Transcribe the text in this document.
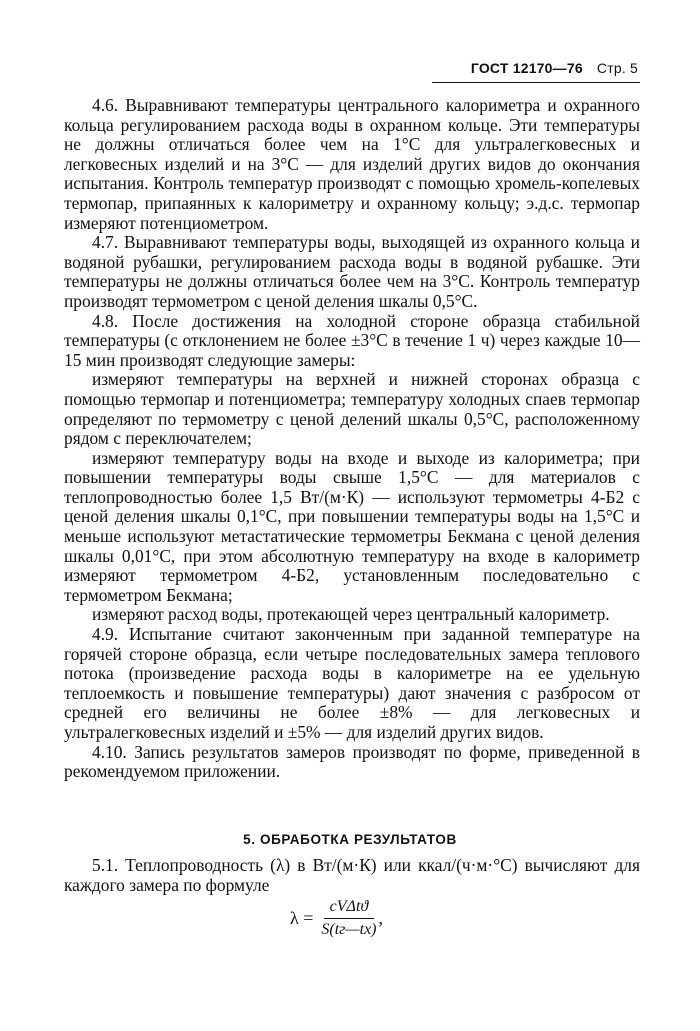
ГОСТ 12170—76 Стр. 5

4.6. Выравнивают температуры центрального калориметра и охранного кольца регулированием расхода воды в охранном кольце. Эти температуры не должны отличаться более чем на 1°С для ультралегковесных и легковесных изделий и на 3°С — для изделий других видов до окончания испытания. Контроль температур производят с помощью хромель-копелевых термопар, припаянных к калориметру и охранному кольцу; э.д.с. термопар измеряют потенциометром.

4.7. Выравнивают температуры воды, выходящей из охранного кольца и водяной рубашки, регулированием расхода воды в водяной рубашке. Эти температуры не должны отличаться более чем на 3°С. Контроль температур производят термометром с ценой деления шкалы 0,5°С.

4.8. После достижения на холодной стороне образца стабильной температуры (с отклонением не более ±3°С в течение 1 ч) через каждые 10—15 мин производят следующие замеры:

измеряют температуры на верхней и нижней сторонах образца с помощью термопар и потенциометра; температуру холодных спаев термопар определяют по термометру с ценой делений шкалы 0,5°С, расположенному рядом с переключателем;

измеряют температуру воды на входе и выходе из калориметра; при повышении температуры воды свыше 1,5°С — для материалов с теплопроводностью более 1,5 Вт/(м·К) — используют термометры 4-Б2 с ценой деления шкалы 0,1°С, при повышении температуры воды на 1,5°С и меньше используют метастатические термометры Бекмана с ценой деления шкалы 0,01°С, при этом абсолютную температуру на входе в калориметр измеряют термометром 4-Б2, установленным последовательно с термометром Бекмана;

измеряют расход воды, протекающей через центральный калориметр.

4.9. Испытание считают законченным при заданной температуре на горячей стороне образца, если четыре последовательных замера теплового потока (произведение расхода воды в калориметре на ее удельную теплоемкость и повышение температуры) дают значения с разбросом от средней его величины не более ±8% — для легковесных и ультралегковесных изделий и ±5% — для изделий других видов.

4.10. Запись результатов замеров производят по форме, приведенной в рекомендуемом приложении.

5. ОБРАБОТКА РЕЗУЛЬТАТОВ

5.1. Теплопроводность (λ) в Вт/(м·К) или ккал/(ч·м·°С) вычисляют для каждого замера по формуле

$\lambda = \frac{\text{cVΔtϑ}}{S(tг—tх)}$ ,
